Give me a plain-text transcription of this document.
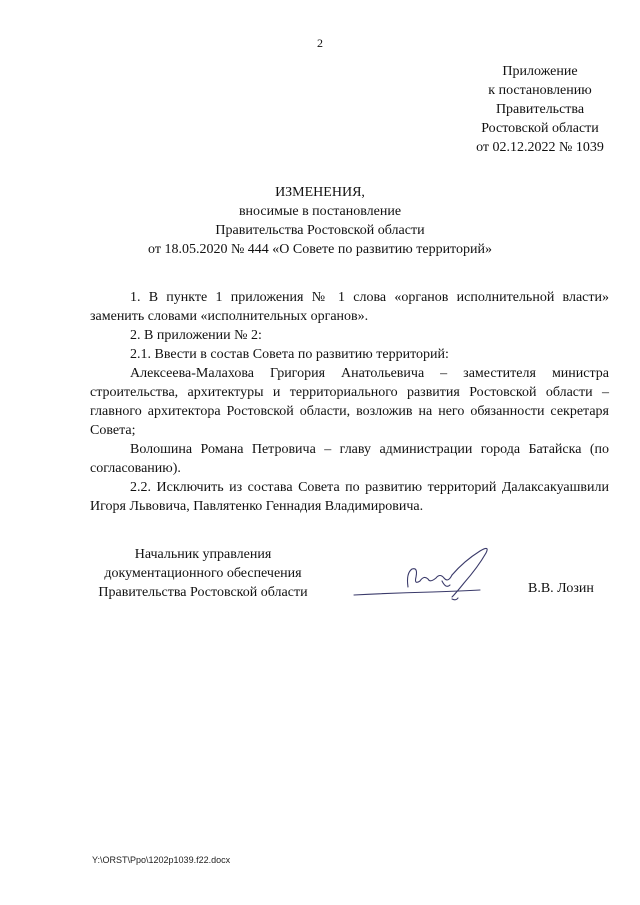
2
Приложение
к постановлению
Правительства
Ростовской области
от 02.12.2022 № 1039
ИЗМЕНЕНИЯ,
вносимые в постановление
Правительства Ростовской области
от 18.05.2020 № 444 «О Совете по развитию территорий»

1. В пункте 1 приложения № 1 слова «органов исполнительной власти» заменить словами «исполнительных органов».

2. В приложении № 2:

2.1. Ввести в состав Совета по развитию территорий:

Алексеева-Малахова Григория Анатольевича – заместителя министра строительства, архитектуры и территориального развития Ростовской области – главного архитектора Ростовской области, возложив на него обязанности секретаря Совета;

Волошина Романа Петровича – главу администрации города Батайска (по согласованию).

2.2. Исключить из состава Совета по развитию территорий Далаксакуашвили Игоря Львовича, Павлятенко Геннадия Владимировича.

Начальник управления
документационного обеспечения
Правительства Ростовской области	В.В. Лозин
Y:\ORST\Ppo\1202p1039.f22.docx
